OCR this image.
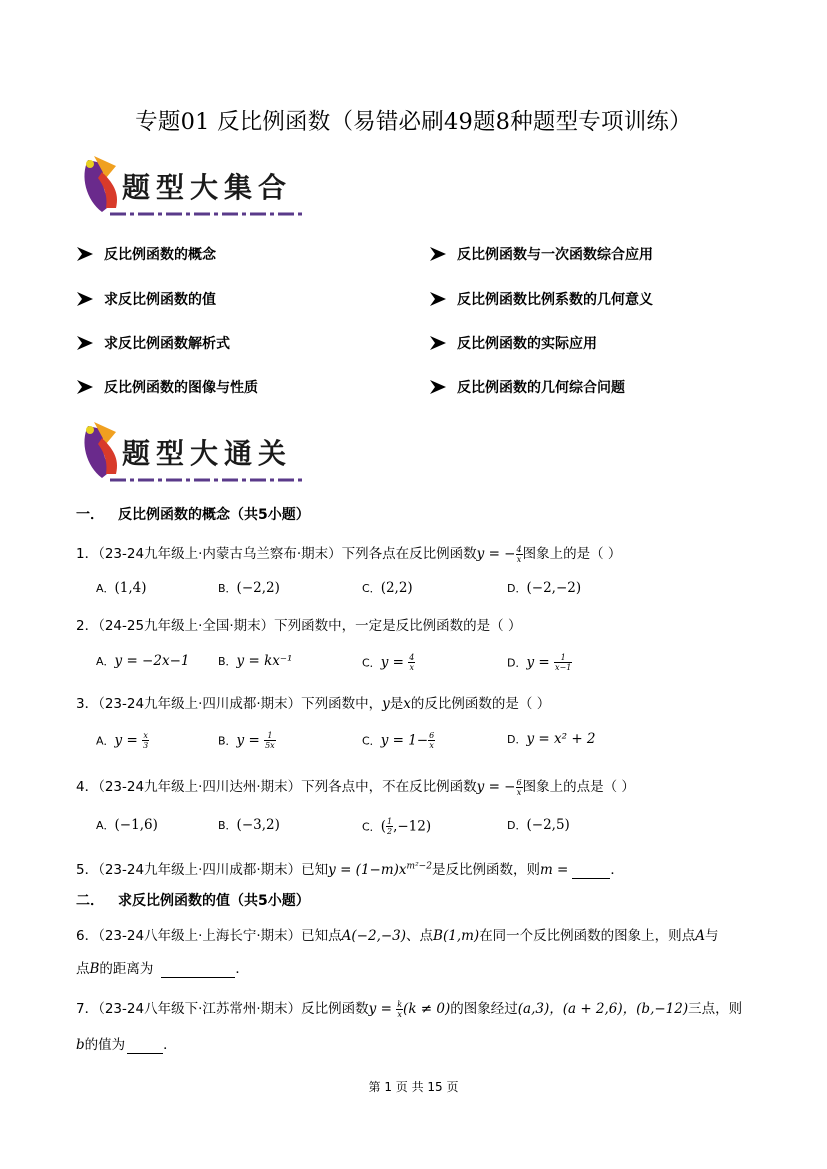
专题01 反比例函数（易错必刷49题8种题型专项训练）
题型大集合
反比例函数的概念
求反比例函数的值
求反比例函数解析式
反比例函数的图像与性质
反比例函数与一次函数综合应用
反比例函数比例系数的几何意义
反比例函数的实际应用
反比例函数的几何综合问题
题型大通关
一． 反比例函数的概念（共5小题）
1．（23-24九年级上·内蒙古乌兰察布·期末）下列各点在反比例函数y = − $\frac{4}{x}$ 图象上的是（ ）
A．(1,4)	B．(−2,2)	C．(2,2)	D．(−2,−2)
2．（24-25九年级上·全国·期末）下列函数中，一定是反比例函数的是（ ）
A．y = −2x−1	B．y = kx⁻¹	C．$y = \frac{4}{x}$	D．$y = \frac{1}{x-1}$
3．（23-24九年级上·四川成都·期末）下列函数中，y是x的反比例函数的是（ ）
A．$y = \frac{x}{3}$	B．$y = \frac{1}{5x}$	C．$y = 1- \frac{6}{x}$	D．y = x² + 2
4．（23-24九年级上·四川达州·期末）下列各点中，不在反比例函数y = − $\frac{6}{x}$ 图象上的点是（ ）
A．(−1,6)	B．(−3,2)	C．( $\frac{1}{2} ,-12$)	D．(−2,5)
5．（23-24九年级上·四川成都·期末）已知$y = (1-m)x^{m^2-2}$是反比例函数，则m =	．
二． 求反比例函数的值（共5小题）
6．（23-24八年级上·上海长宁·期末）已知点A(−2,−3)、点B(1,m)在同一个反比例函数的图象上，则点A与
点B的距离为	．
7．（23-24八年级下·江苏常州·期末）反比例函数$y = \frac{k}{x} (k \ne 0)$的图象经过(a,3)，(a + 2,6)，(b,−12)三点，则
b的值为	．
第 1 页 共 15 页
